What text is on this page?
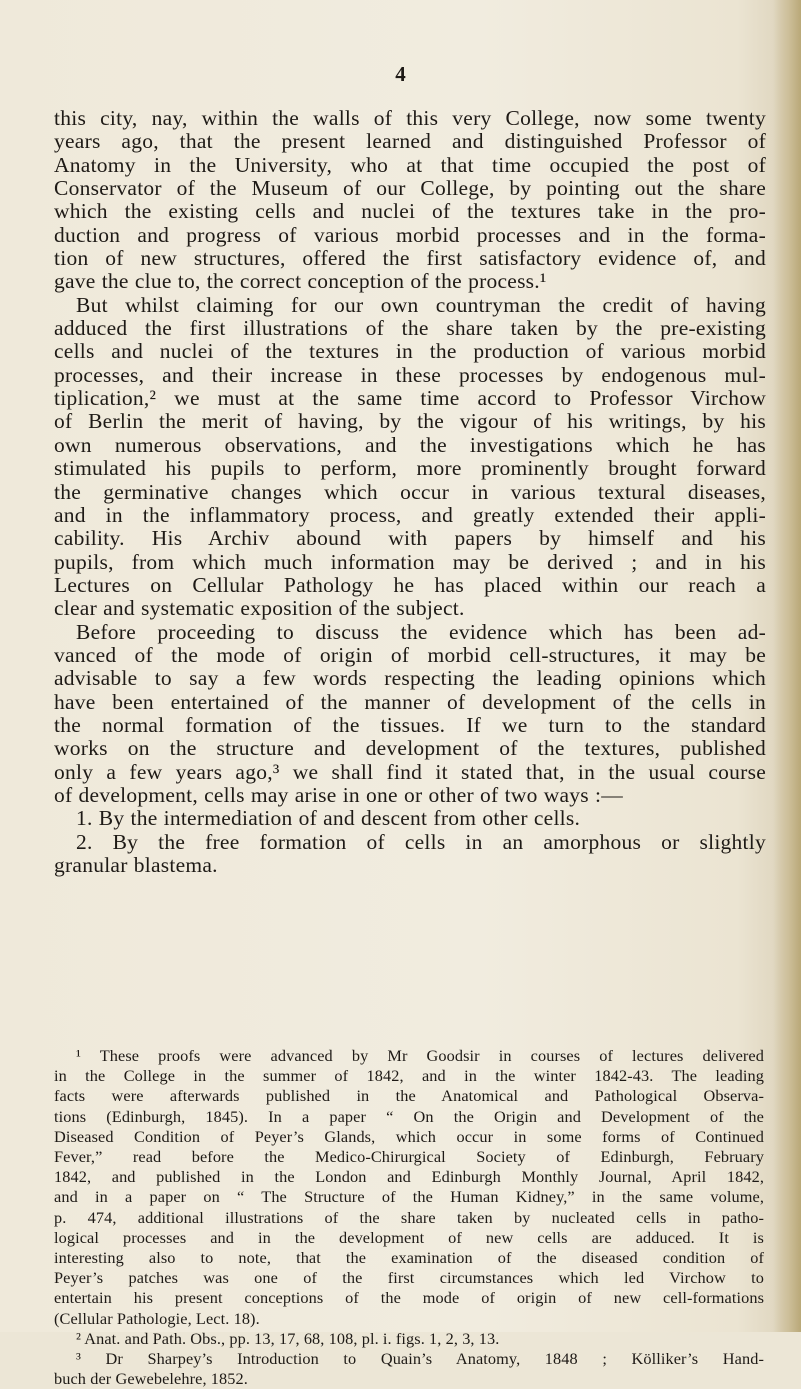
4
this city, nay, within the walls of this very College, now some twenty
years ago, that the present learned and distinguished Professor of
Anatomy in the University, who at that time occupied the post of
Conservator of the Museum of our College, by pointing out the share
which the existing cells and nuclei of the textures take in the pro-
duction and progress of various morbid processes and in the forma-
tion of new structures, offered the first satisfactory evidence of, and
gave the clue to, the correct conception of the process.¹
But whilst claiming for our own countryman the credit of having
adduced the first illustrations of the share taken by the pre-existing
cells and nuclei of the textures in the production of various morbid
processes, and their increase in these processes by endogenous mul-
tiplication,² we must at the same time accord to Professor Virchow
of Berlin the merit of having, by the vigour of his writings, by his
own numerous observations, and the investigations which he has
stimulated his pupils to perform, more prominently brought forward
the germinative changes which occur in various textural diseases,
and in the inflammatory process, and greatly extended their appli-
cability. His Archiv abound with papers by himself and his
pupils, from which much information may be derived ; and in his
Lectures on Cellular Pathology he has placed within our reach a
clear and systematic exposition of the subject.
Before proceeding to discuss the evidence which has been ad-
vanced of the mode of origin of morbid cell-structures, it may be
advisable to say a few words respecting the leading opinions which
have been entertained of the manner of development of the cells in
the normal formation of the tissues. If we turn to the standard
works on the structure and development of the textures, published
only a few years ago,³ we shall find it stated that, in the usual course
of development, cells may arise in one or other of two ways :—
1. By the intermediation of and descent from other cells.
2. By the free formation of cells in an amorphous or slightly
granular blastema.
¹ These proofs were advanced by Mr Goodsir in courses of lectures delivered
in the College in the summer of 1842, and in the winter 1842-43. The leading
facts were afterwards published in the Anatomical and Pathological Observa-
tions (Edinburgh, 1845). In a paper “ On the Origin and Development of the
Diseased Condition of Peyer’s Glands, which occur in some forms of Continued
Fever,” read before the Medico-Chirurgical Society of Edinburgh, February
1842, and published in the London and Edinburgh Monthly Journal, April 1842,
and in a paper on “ The Structure of the Human Kidney,” in the same volume,
p. 474, additional illustrations of the share taken by nucleated cells in patho-
logical processes and in the development of new cells are adduced. It is
interesting also to note, that the examination of the diseased condition of
Peyer’s patches was one of the first circumstances which led Virchow to
entertain his present conceptions of the mode of origin of new cell-formations
(Cellular Pathologie, Lect. 18).
² Anat. and Path. Obs., pp. 13, 17, 68, 108, pl. i. figs. 1, 2, 3, 13.
³ Dr Sharpey’s Introduction to Quain’s Anatomy, 1848 ; Kölliker’s Hand-
buch der Gewebelehre, 1852.
